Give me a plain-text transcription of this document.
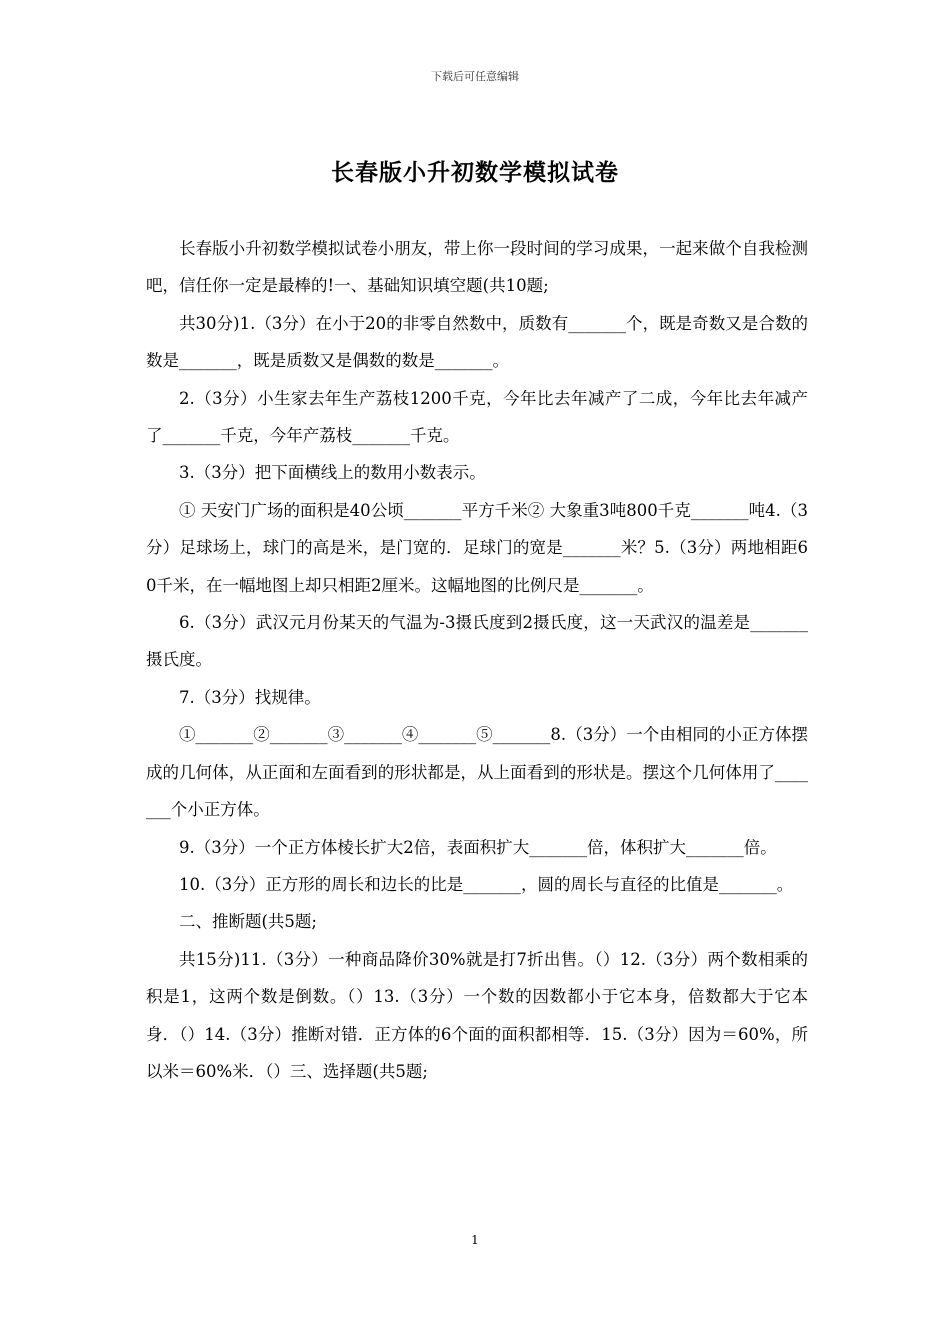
下载后可任意编辑
长春版小升初数学模拟试卷

长春版小升初数学模拟试卷小朋友，带上你一段时间的学习成果，一起来做个自我检测吧，信任你一定是最棒的!一、基础知识填空题(共10题;

共30分)1.（3分）在小于20的非零自然数中，质数有_______个，既是奇数又是合数的数是_______，既是质数又是偶数的数是_______。

2.（3分）小生家去年生产荔枝1200千克，今年比去年减产了二成，今年比去年减产了_______千克，今年产荔枝_______千克。

3.（3分）把下面横线上的数用小数表示。

① 天安门广场的面积是40公顷_______平方千米② 大象重3吨800千克_______吨4.（3分）足球场上，球门的高是米，是门宽的．足球门的宽是_______米？5.（3分）两地相距60千米，在一幅地图上却只相距2厘米。这幅地图的比例尺是_______。

6.（3分）武汉元月份某天的气温为-3摄氏度到2摄氏度，这一天武汉的温差是_______摄氏度。

7.（3分）找规律。

①_______②_______③_______④_______⑤_______8.（3分）一个由相同的小正方体摆成的几何体，从正面和左面看到的形状都是，从上面看到的形状是。摆这个几何体用了_______个小正方体。

9.（3分）一个正方体棱长扩大2倍，表面积扩大_______倍，体积扩大_______倍。

10.（3分）正方形的周长和边长的比是_______，圆的周长与直径的比值是_______。

二、推断题(共5题;

共15分)11.（3分）一种商品降价30%就是打7折出售。（）12.（3分）两个数相乘的积是1，这两个数是倒数。（）13.（3分）一个数的因数都小于它本身，倍数都大于它本身．（）14.（3分）推断对错．正方体的6个面的面积都相等．15.（3分）因为＝60%，所以米＝60%米．（）三、选择题(共5题;

1
